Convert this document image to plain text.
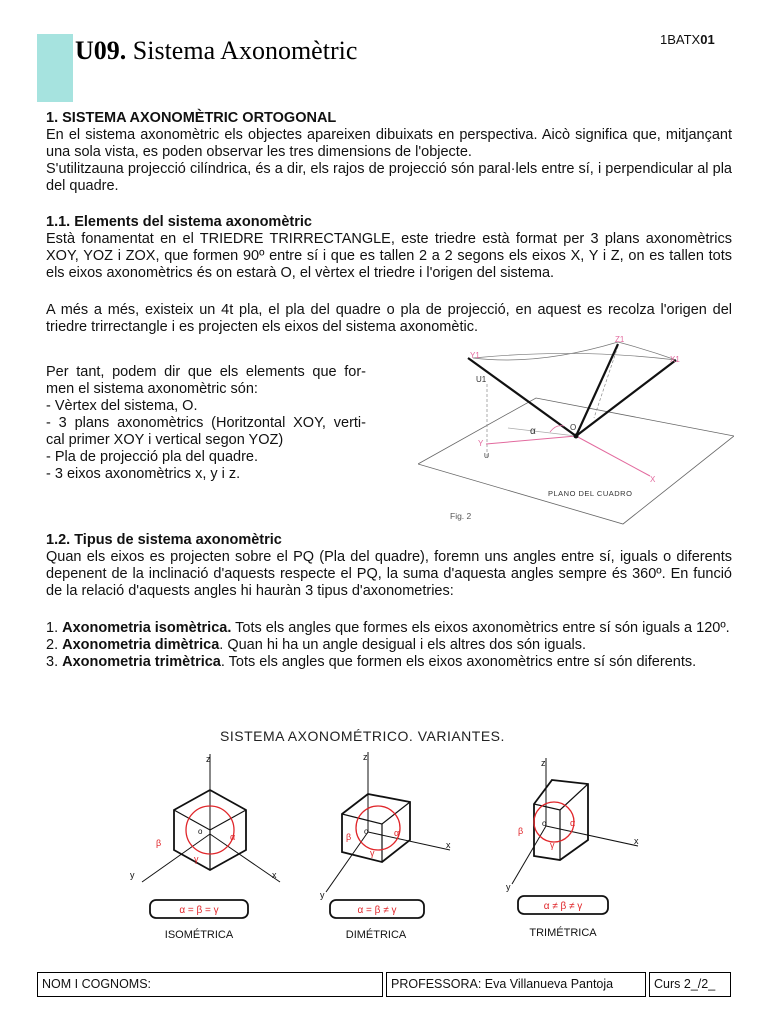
U09. Sistema Axonomètric	1BATX01
1. SISTEMA AXONOMÈTRIC ORTOGONAL

En el sistema axonomètric els objectes apareixen dibuixats en perspectiva. Aicò significa que, mitjançant una sola vista, es poden observar les tres dimensions de l'objecte.

S'utilitzauna projecció cilíndrica, és a dir, els rajos de projecció són paral·lels entre sí, i perpendicular al pla del quadre.

1.1. Elements del sistema axonomètric

Està fonamentat en el TRIEDRE TRIRRECTANGLE, este triedre està format per 3 plans axonomètrics XOY, YOZ i ZOX, que formen 90º entre sí i que es tallen 2 a 2 segons els eixos X, Y i Z, on es tallen tots els eixos axonomètrics és on estarà O, el vèrtex el triedre i l'origen del sistema.

A més a més, existeix un 4t pla, el pla del quadre o pla de projecció, en aquest es recolza l'origen del triedre trirrectangle i es projecten els eixos del sistema axonomètic.

Per tant, podem dir que els elements que for-

men el sistema axonomètric són:

- Vèrtex del sistema, O.

- 3 plans axonomètrics (Horitzontal XOY, verti-

cal primer XOY i vertical segon YOZ)

- Pla de projecció pla del quadre.

- 3 eixos axonomètrics x, y i z.

Y1	X1
Z1
U1
O
X
Y
U
α
PLANO DEL CUADRO
Fig. 2
1.2. Tipus de sistema axonomètric

Quan els eixos es projecten sobre el PQ (Pla del quadre), foremn uns angles entre sí, iguals o diferents depenent de la inclinació d'aquests respecte el PQ, la suma d'aquesta angles sempre és 360º. En funció de la relació d'aquests angles hi hauràn 3 tipus d'axonometries:

1. Axonometria isomètrica. Tots els angles que formes els eixos axonomètrics entre sí són iguals a 120º.

2. Axonometria dimètrica. Quan hi ha un angle desigual i els altres dos són iguals.

3. Axonometria trimètrica. Tots els angles que formen els eixos axonomètrics entre sí són diferents.

SISTEMA AXONOMÉTRICO. VARIANTES.
z
y	x
o
β
α
γ
α = β = γ
ISOMÉTRICA
z
y
x
o
β	α
γ
α = β ≠ γ
DIMÉTRICA
z
y
x
o
β
α
γ
α ≠ β ≠ γ
TRIMÉTRICA
NOM I COGNOMS:	PROFESSORA: Eva Villanueva Pantoja	Curs 2_/2_
